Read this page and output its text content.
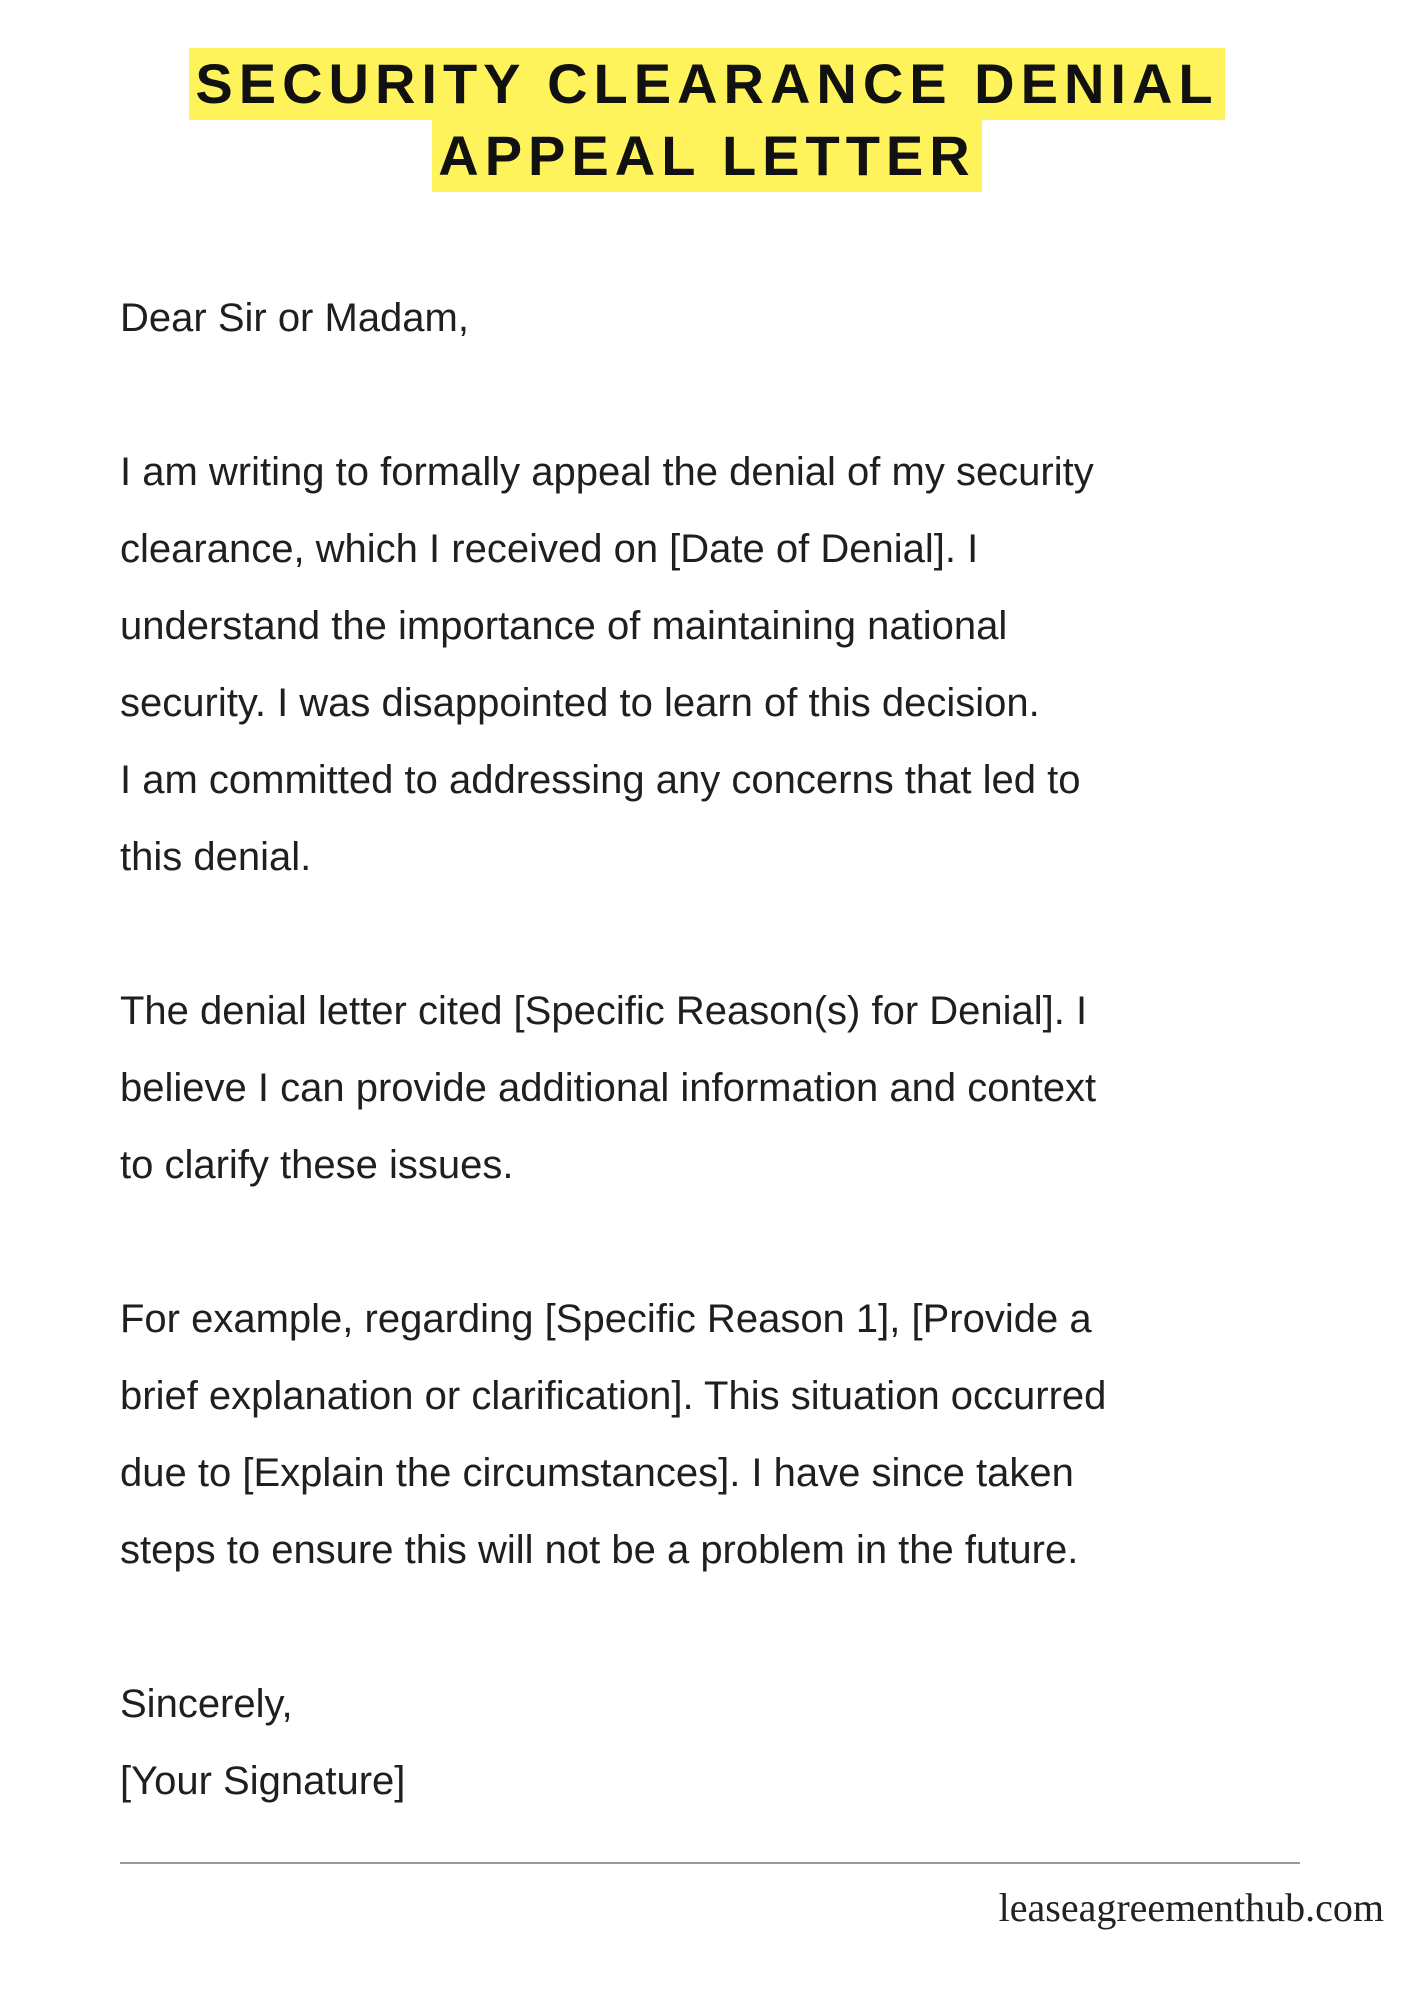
SECURITY CLEARANCE DENIAL
APPEAL LETTER

Dear Sir or Madam,

I am writing to formally appeal the denial of my security
clearance, which I received on [Date of Denial]. I
understand the importance of maintaining national
security. I was disappointed to learn of this decision.
I am committed to addressing any concerns that led to
this denial.

The denial letter cited [Specific Reason(s) for Denial]. I
believe I can provide additional information and context
to clarify these issues.

For example, regarding [Specific Reason 1], [Provide a
brief explanation or clarification]. This situation occurred
due to [Explain the circumstances]. I have since taken
steps to ensure this will not be a problem in the future.

Sincerely,
[Your Signature]

leaseagreementhub.com
